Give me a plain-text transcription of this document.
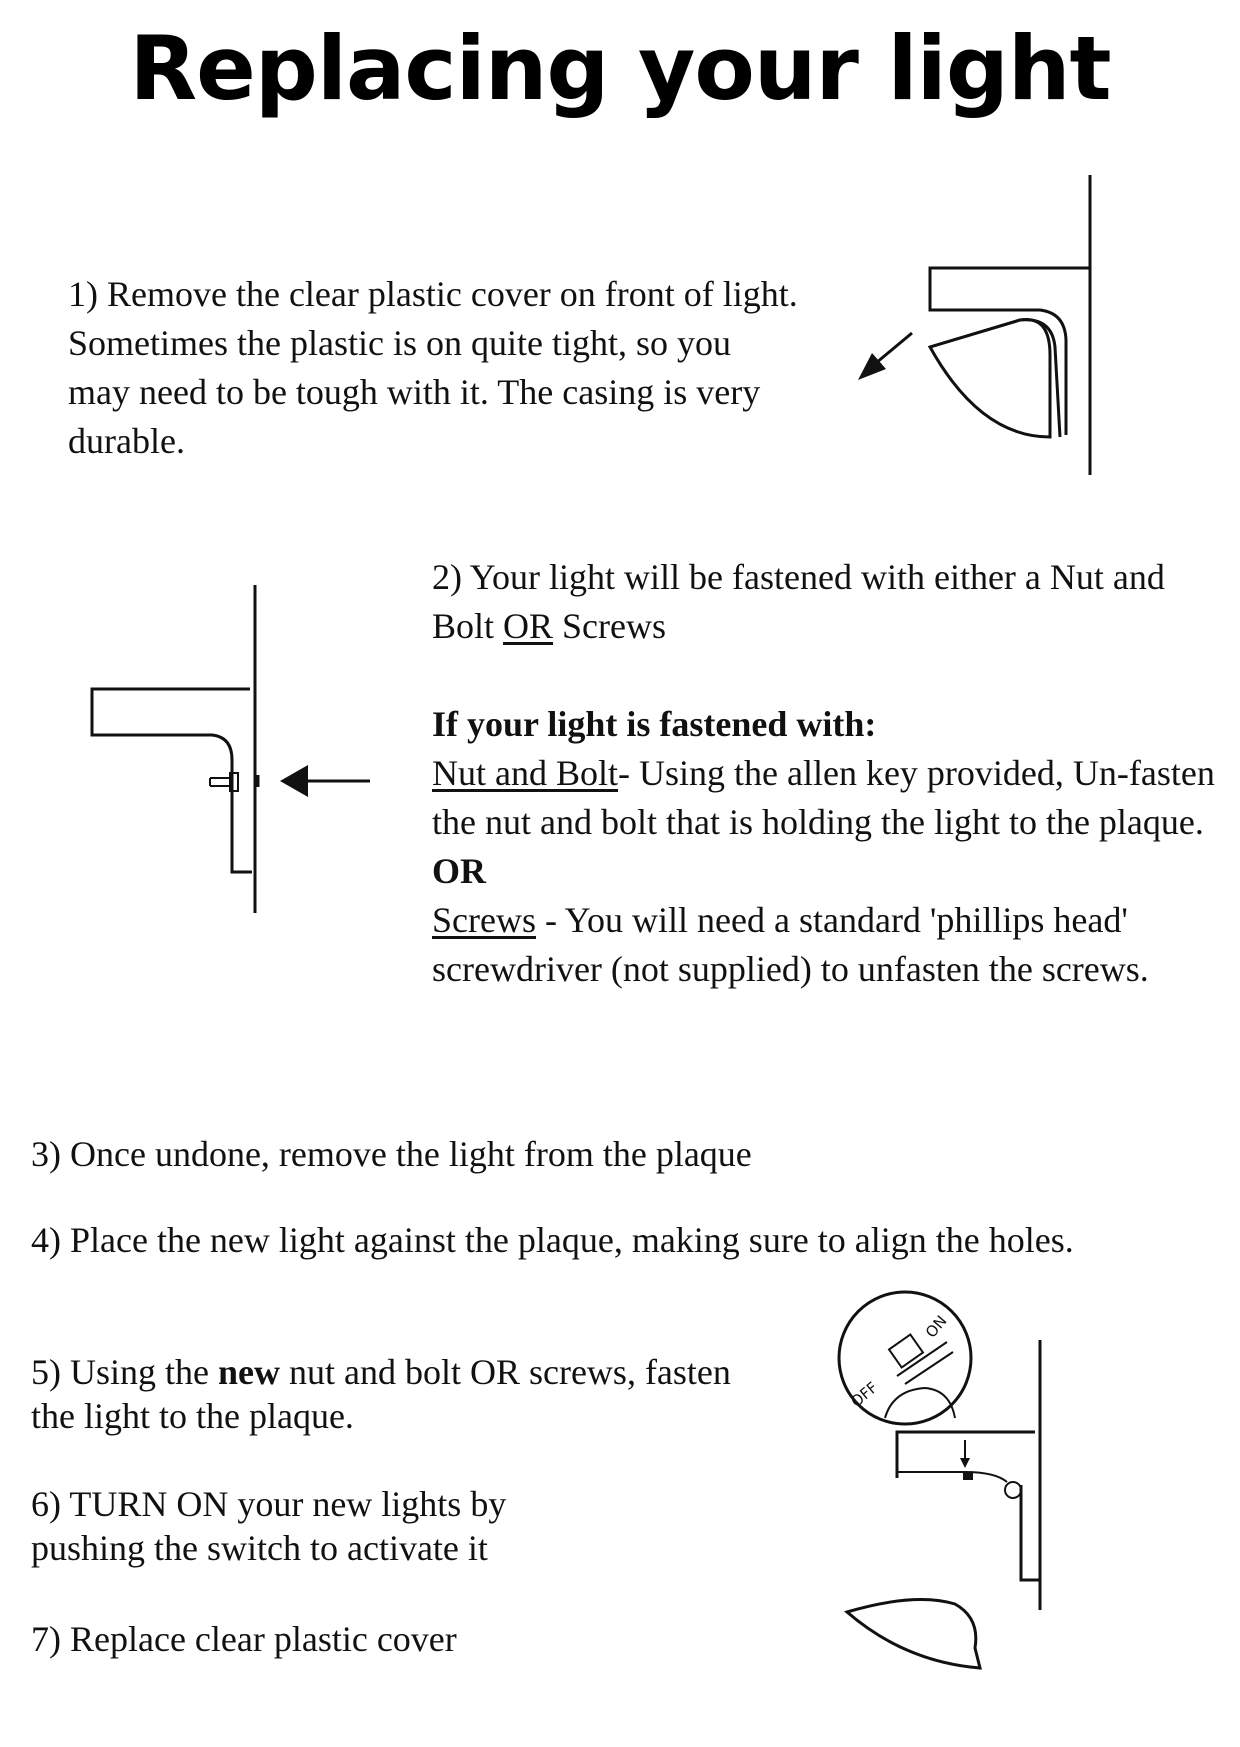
Replacing your light

1) Remove the clear plastic cover on front of light.

Sometimes the plastic is on quite tight, so you may need to be tough with it. The casing is very durable.

2) Your light will be fastened with either a Nut and Bolt OR Screws

If your light is fastened with:

Nut and Bolt- Using the allen key provided, Un-fasten the nut and bolt that is holding the light to the plaque.

OR

Screws - You will need a standard 'phillips head' screwdriver (not supplied) to unfasten the screws.

3) Once undone, remove the light from the plaque

4) Place the new light against the plaque, making sure to align the holes.

5) Using the new nut and bolt OR screws, fasten the light to the plaque.

6) TURN ON your new lights by pushing the switch to activate it

7) Replace clear plastic cover

OFF
ON
